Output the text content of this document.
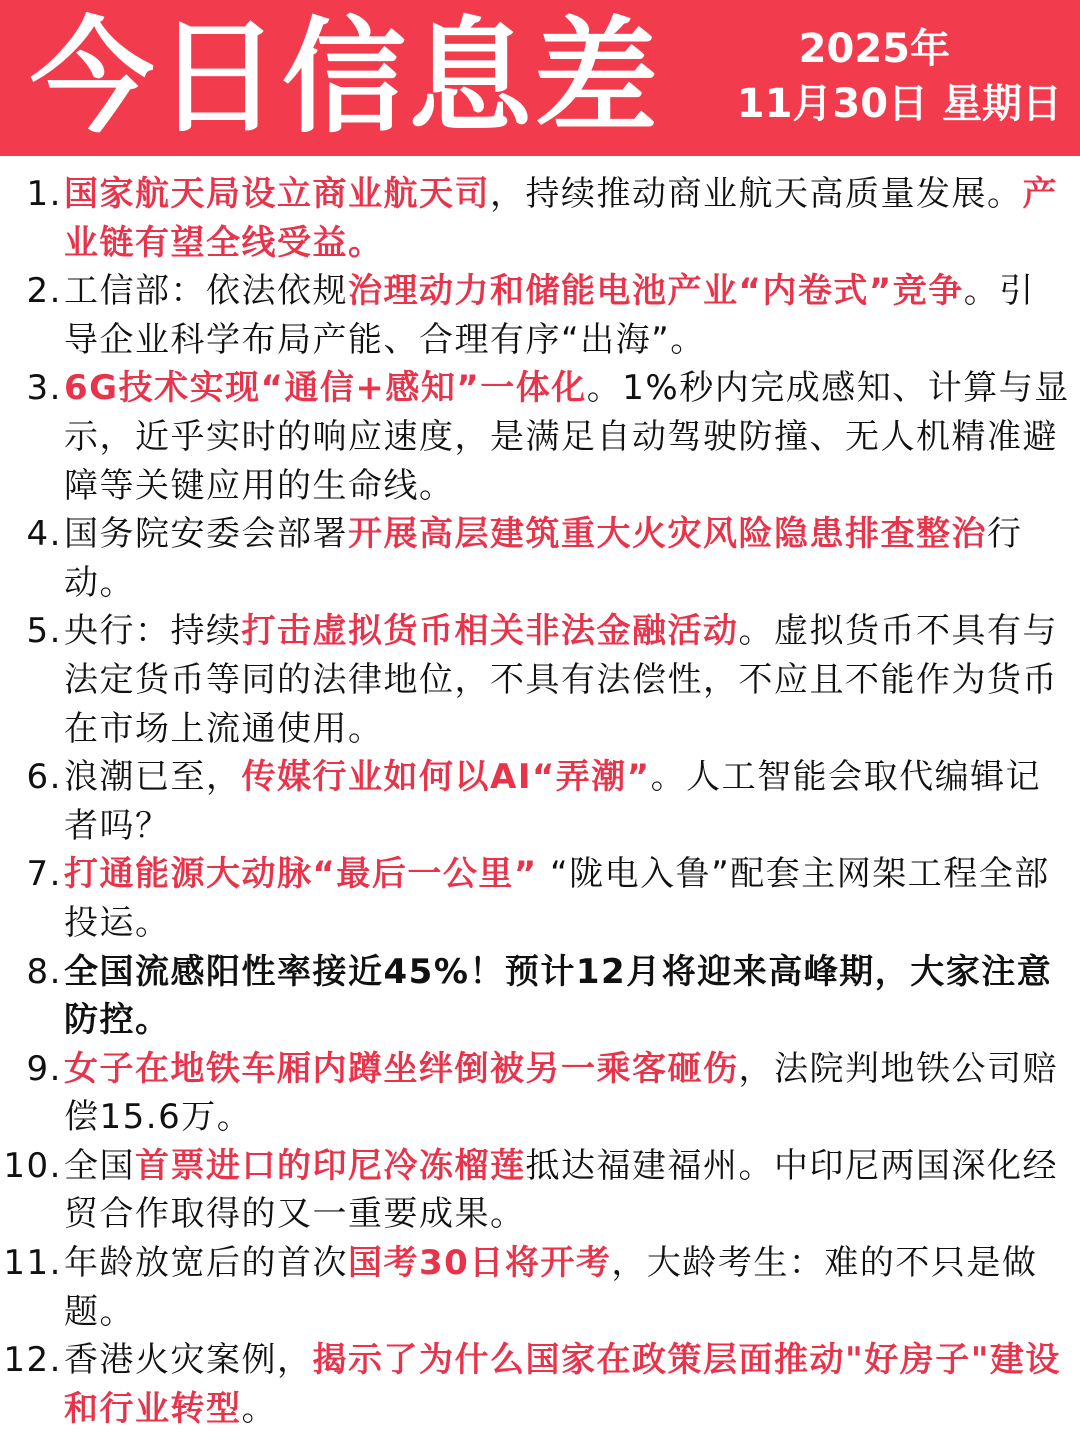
今日信息差	2025年
11月30日 星期日
1. 国家航天局设立商业航天司，持续推动商业航天高质量发展。产业链有望全线受益。
2. 工信部：依法依规治理动力和储能电池产业“内卷式”竞争。引导企业科学布局产能、合理有序“出海”。
3. 6G技术实现“通信+感知”一体化。1%秒内完成感知、计算与显示，近乎实时的响应速度，是满足自动驾驶防撞、无人机精准避障等关键应用的生命线。
4. 国务院安委会部署开展高层建筑重大火灾风险隐患排查整治行动。
5. 央行：持续打击虚拟货币相关非法金融活动。虚拟货币不具有与法定货币等同的法律地位，不具有法偿性，不应且不能作为货币在市场上流通使用。
6. 浪潮已至，传媒行业如何以AI“弄潮”。人工智能会取代编辑记者吗？
7. 打通能源大动脉“最后一公里” “陇电入鲁”配套主网架工程全部投运。
8. 全国流感阳性率接近45%！预计12月将迎来高峰期，大家注意防控。
9. 女子在地铁车厢内蹲坐绊倒被另一乘客砸伤，法院判地铁公司赔偿15.6万。
10. 全国首票进口的印尼冷冻榴莲抵达福建福州。中印尼两国深化经贸合作取得的又一重要成果。
11. 年龄放宽后的首次国考30日将开考，大龄考生：难的不只是做题。
12. 香港火灾案例，揭示了为什么国家在政策层面推动"好房子"建设和行业转型。
